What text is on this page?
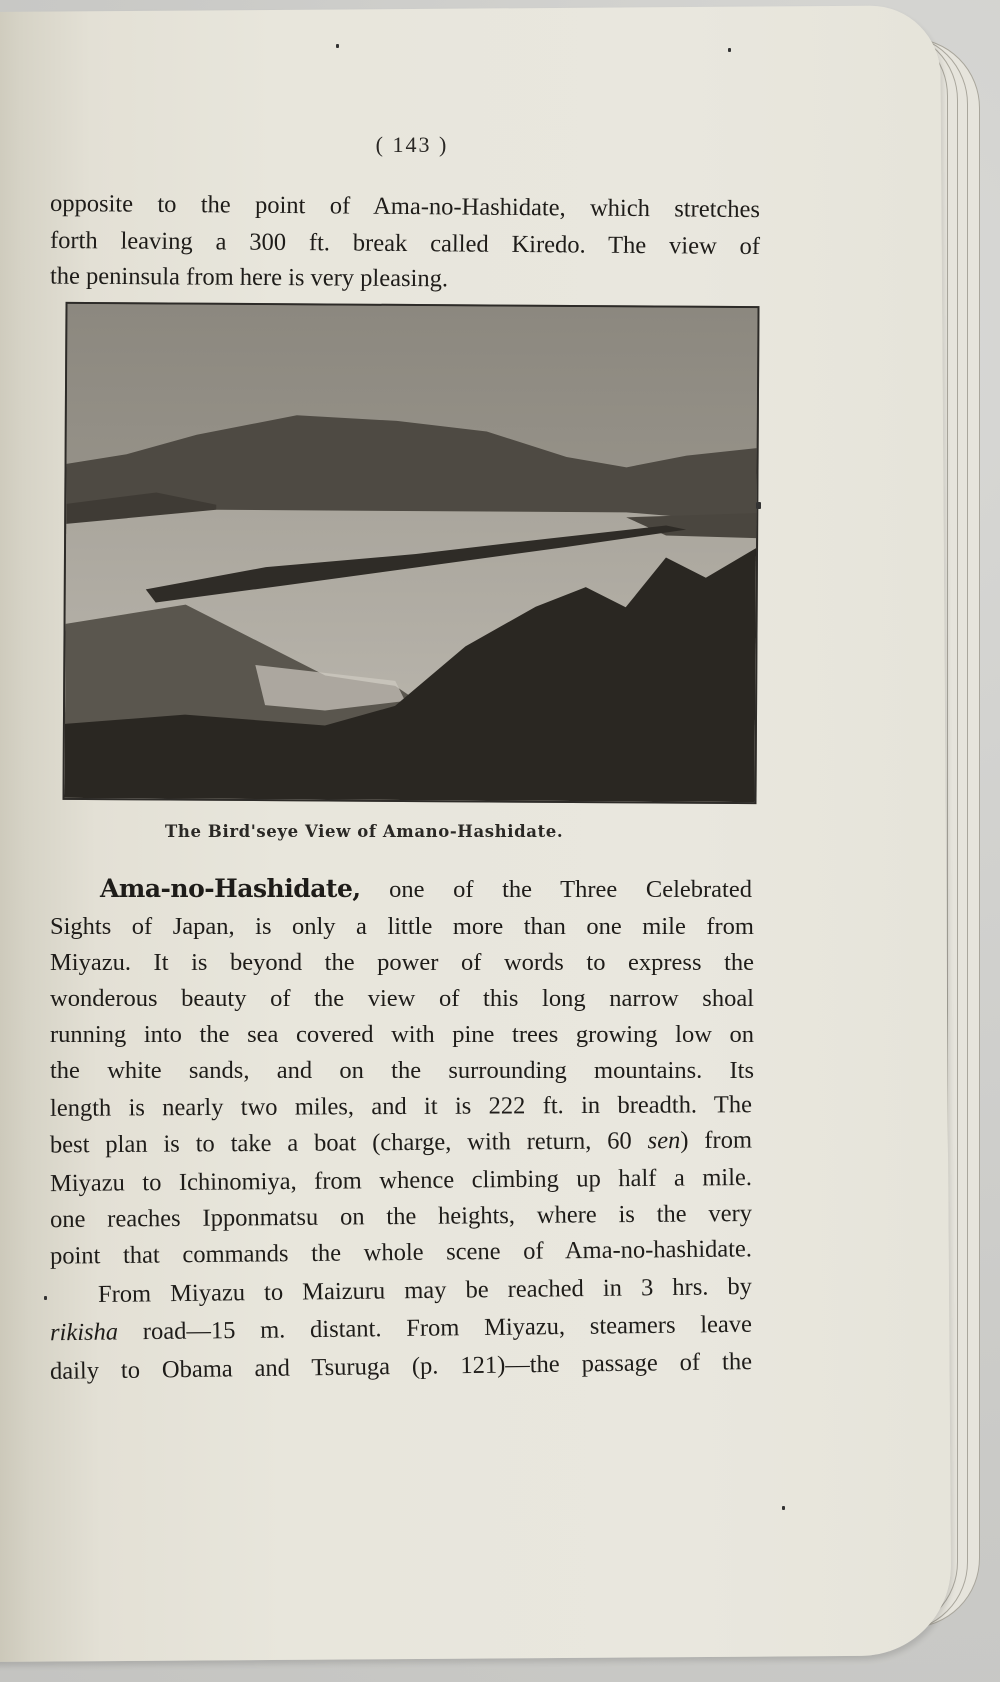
( 143 )
opposite to the point of Ama-no-Hashidate, which stretches
forth leaving a 300 ft. break called Kiredo. The view of
the peninsula from here is very pleasing.
The Bird'seye View of Amano-Hashidate.
Ama-no-Hashidate, one of the Three Celebrated
Sights of Japan, is only a little more than one mile from
Miyazu. It is beyond the power of words to express the
wonderous beauty of the view of this long narrow shoal
running into the sea covered with pine trees growing low on
the white sands, and on the surrounding mountains. Its
length is nearly two miles, and it is 222 ft. in breadth. The
best plan is to take a boat (charge, with return, 60 sen) from
Miyazu to Ichinomiya, from whence climbing up half a mile.
one reaches Ipponmatsu on the heights, where is the very
point that commands the whole scene of Ama-no-hashidate.
From Miyazu to Maizuru may be reached in 3 hrs. by
rikisha road—15 m. distant. From Miyazu, steamers leave
daily to Obama and Tsuruga (p. 121)—the passage of the
